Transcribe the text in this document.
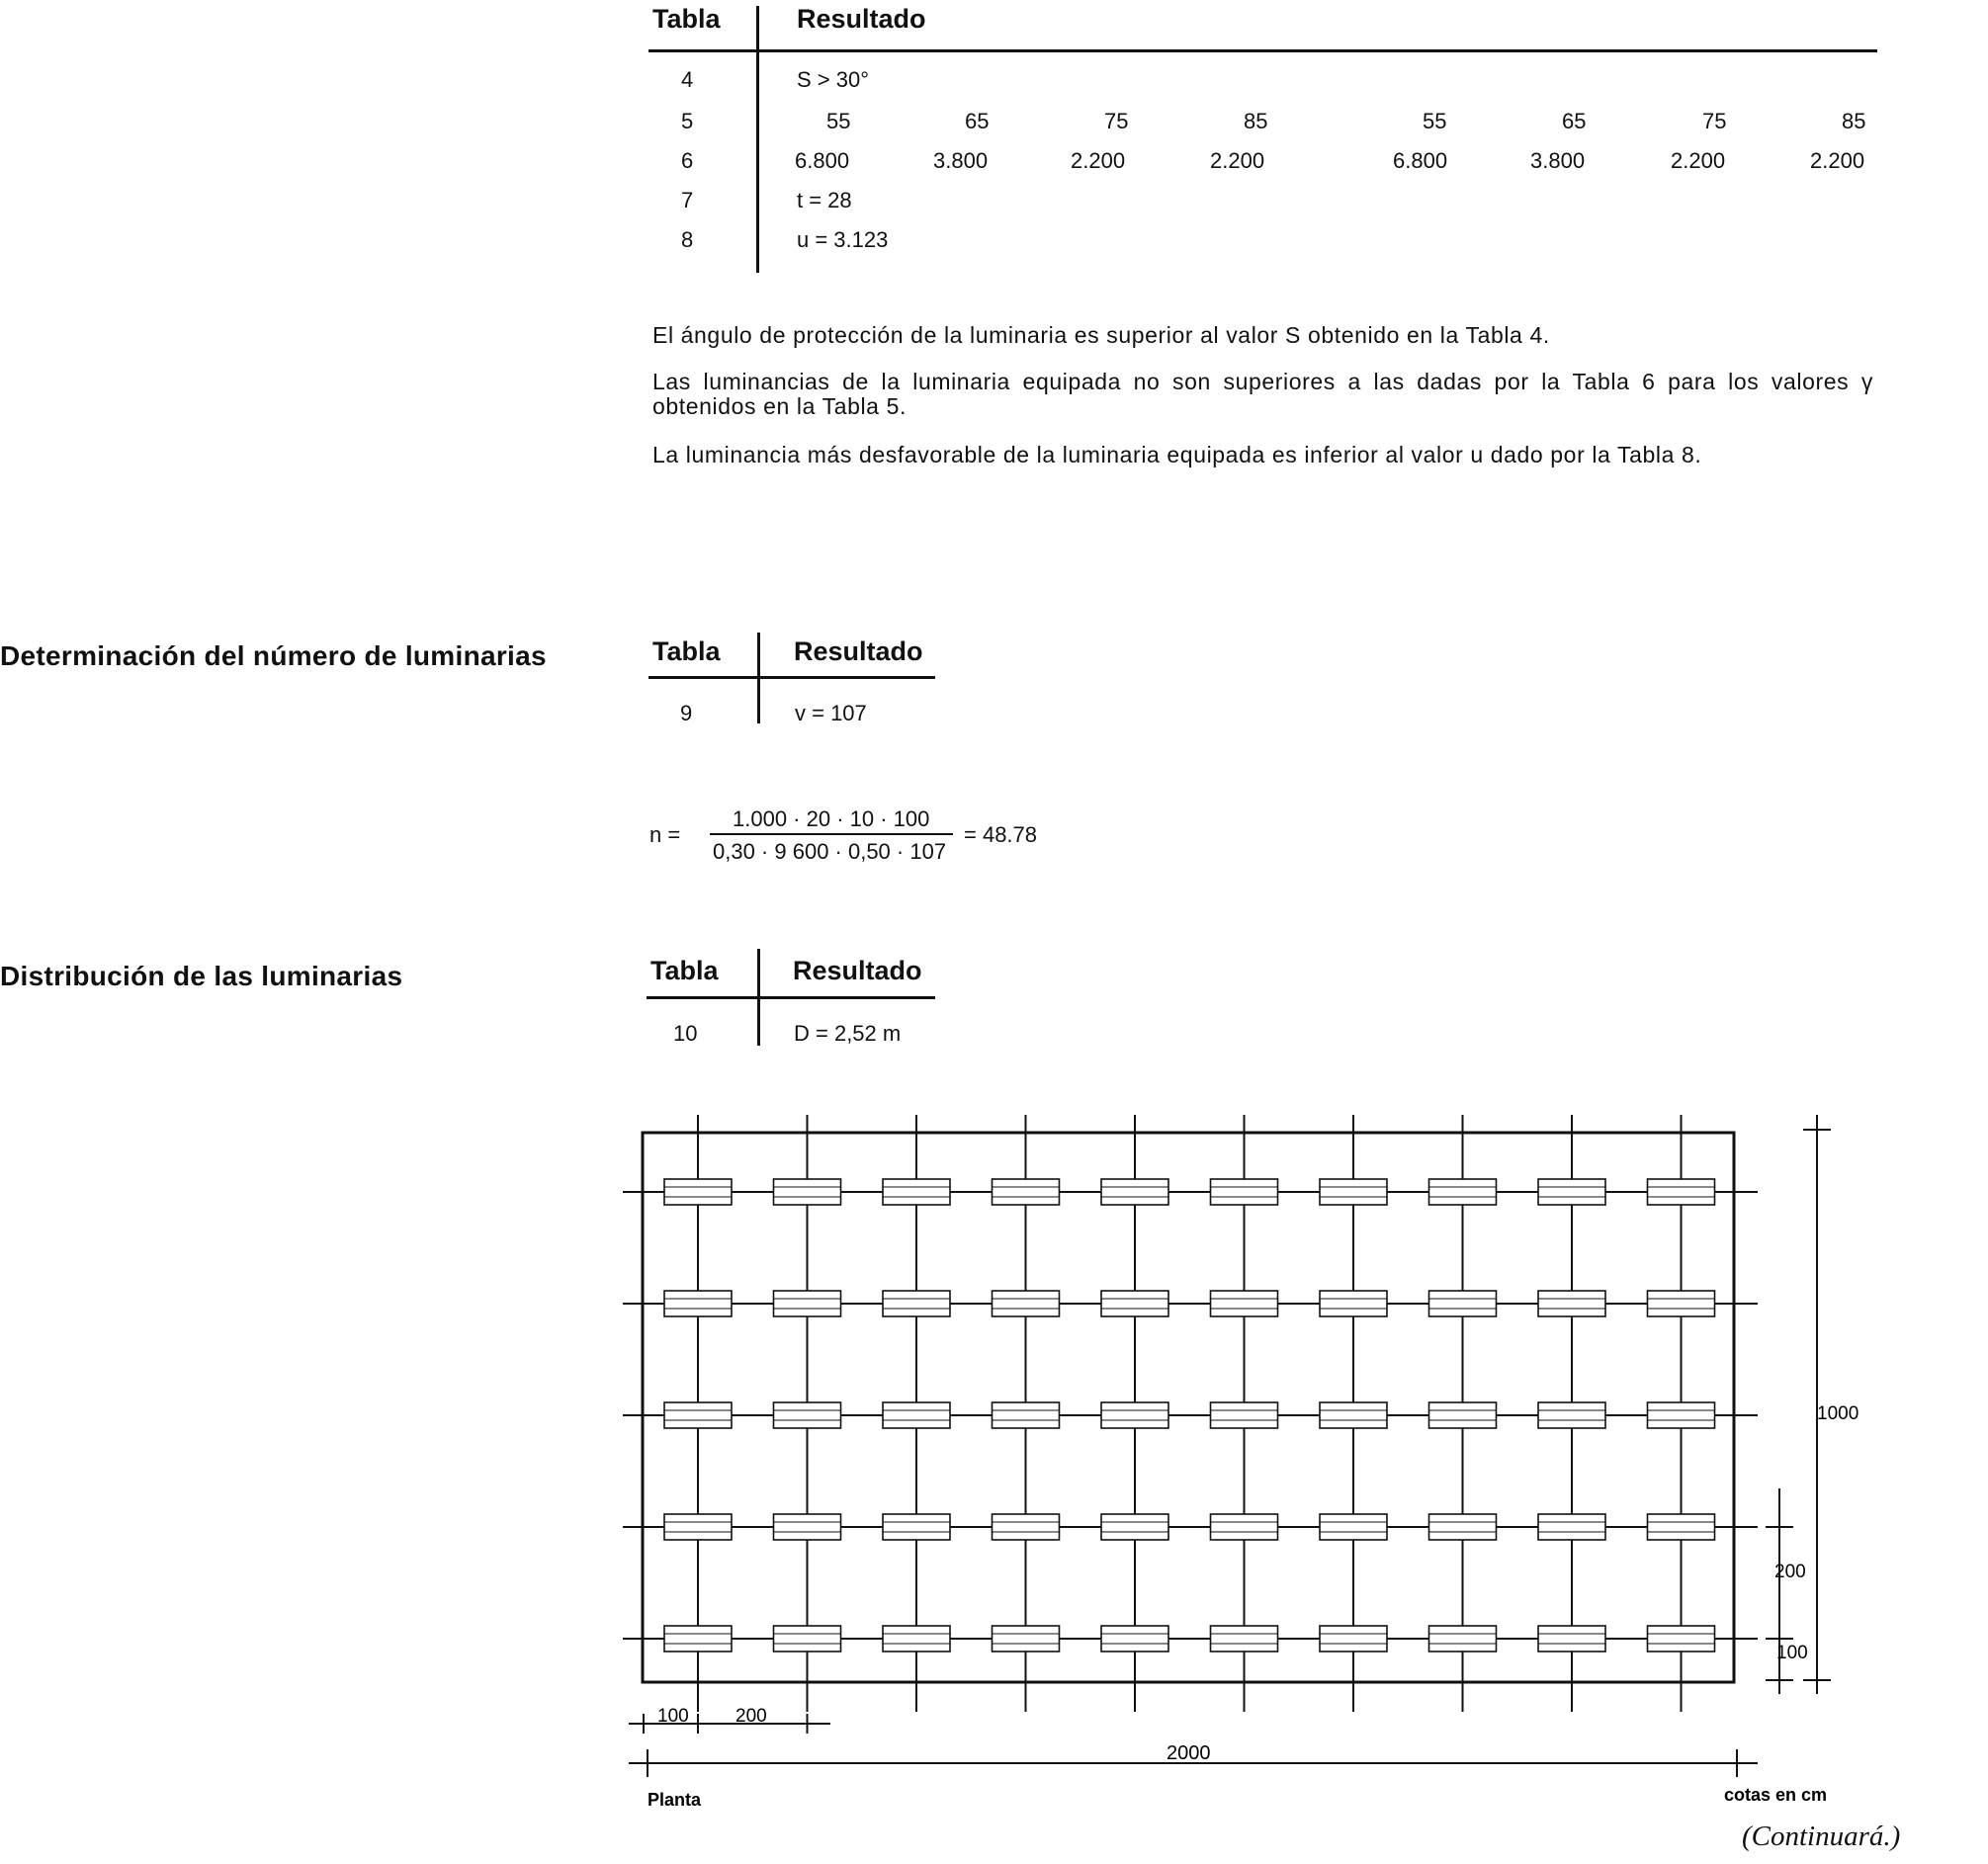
Tabla	Resultado
4	S > 30°
5	55	65	75	85	55	65	75	85
6	6.800	3.800	2.200	2.200	6.800	3.800	2.200	2.200
7	t = 28
8	u = 3.123
El ángulo de protección de la luminaria es superior al valor S obtenido en la Tabla 4.
Las luminancias de la luminaria equipada no son superiores a las dadas por la Tabla 6 para los valores γ obtenidos en la Tabla 5.
La luminancia más desfavorable de la luminaria equipada es inferior al valor u dado por la Tabla 8.
Determinación del número de luminarias	Tabla	Resultado
9	v = 107
n =
1.000 · 20 · 10 · 100
0,30 · 9 600 · 0,50 · 107
= 48.78
Distribución de las luminarias	Tabla	Resultado
10	D = 2,52 m
1000
200
100
100 200
2000
Planta	cotas en cm
(Continuará.)
